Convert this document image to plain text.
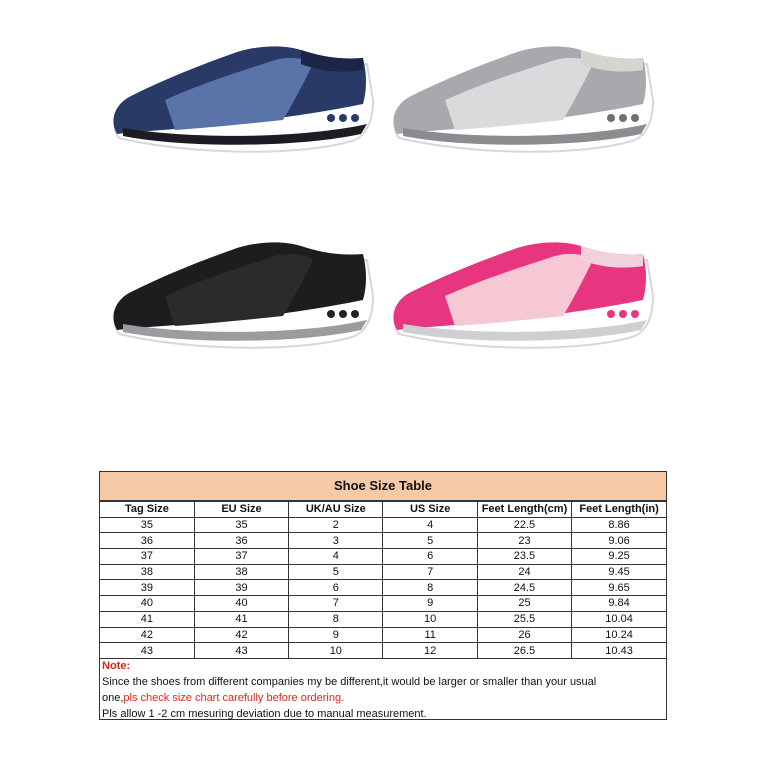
Shoe Size Table
Tag Size	EU Size	UK/AU Size	US Size	Feet Length(cm)	Feet Length(in)
35	35	2	4	22.5	8.86
36	36	3	5	23	9.06
37	37	4	6	23.5	9.25
38	38	5	7	24	9.45
39	39	6	8	24.5	9.65
40	40	7	9	25	9.84
41	41	8	10	25.5	10.04
42	42	9	11	26	10.24
43	43	10	12	26.5	10.43
Note:
Since the shoes from different companies my be different,it would be larger or smaller than your usual
one,pls check size chart carefully before ordering.
Pls allow 1 -2 cm mesuring deviation due to manual measurement.
